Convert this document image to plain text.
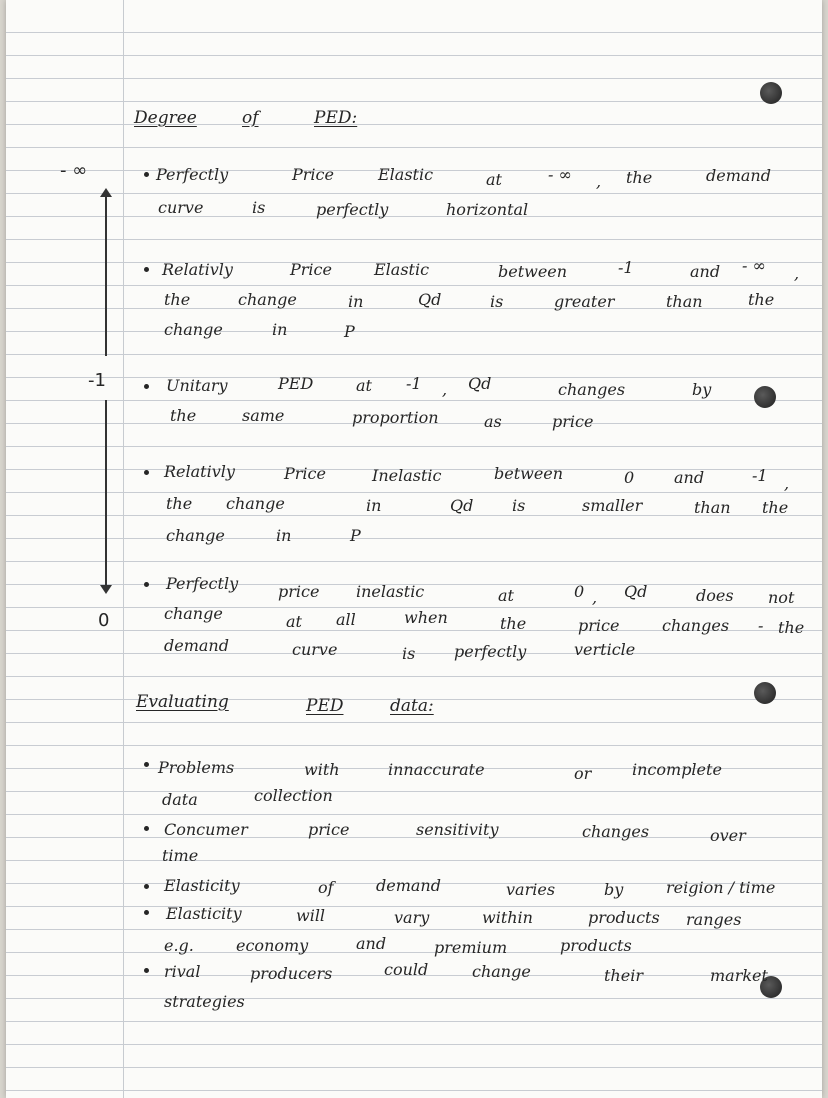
- ∞
-1
0
Degree	of	PED:
Perfectly	Price	Elastic	at	- ∞ , the	demand
curve	is	perfectly	horizontal
Relativly	Price	Elastic	between	-1	and - ∞ ,
the	change	in	Qd	is	greater	than	the
change	in	P
Unitary	PED	at -1 , Qd	changes	by
the	same	proportion	as	price
Relativly	Price	Inelastic	between	0 and	-1 ,
the change	in	Qd is	smaller	than the
change	in	P
Perfectly price inelastic	at	0 , Qd	does not
change	at all	when	the	price	changes - the
demand	curve	is perfectly	verticle
Evaluating	PED	data:
Problems	with	innaccurate	or	incomplete
data	collection
Concumer	price	sensitivity	changes	over
time
Elasticity	of	demand	varies	by	reigion / time
Elasticity	will	vary	within	products ranges
e.g.	economy	and	premium	products
rival	producers	could	change	their	market
strategies
